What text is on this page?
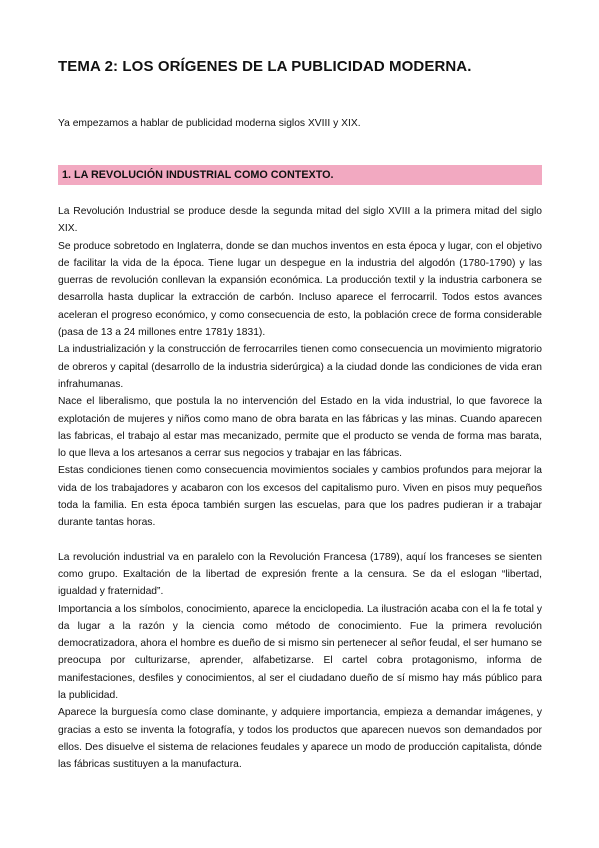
TEMA 2: LOS ORÍGENES DE LA PUBLICIDAD MODERNA.

Ya empezamos a hablar de publicidad moderna siglos XVIII y XIX.

1. LA REVOLUCIÓN INDUSTRIAL COMO CONTEXTO.

La Revolución Industrial se produce desde la segunda mitad del siglo XVIII a la primera mitad del siglo XIX.

Se produce sobretodo en Inglaterra, donde se dan muchos inventos en esta época y lugar, con el objetivo de facilitar la vida de la época. Tiene lugar un despegue en la industria del algodón (1780-1790) y las guerras de revolución conllevan la expansión económica. La producción textil y la industria carbonera se desarrolla hasta duplicar la extracción de carbón. Incluso aparece el ferrocarril. Todos estos avances aceleran el progreso económico, y como consecuencia de esto, la población crece de forma considerable (pasa de 13 a 24 millones entre 1781y 1831).

La industrialización y la construcción de ferrocarriles tienen como consecuencia un movimiento migratorio de obreros y capital (desarrollo de la industria siderúrgica) a la ciudad donde las condiciones de vida eran infrahumanas.

Nace el liberalismo, que postula la no intervención del Estado en la vida industrial, lo que favorece la explotación de mujeres y niños como mano de obra barata en las fábricas y las minas. Cuando aparecen las fabricas, el trabajo al estar mas mecanizado, permite que el producto se venda de forma mas barata, lo que lleva a los artesanos a cerrar sus negocios y trabajar en las fábricas.

Estas condiciones tienen como consecuencia movimientos sociales y cambios profundos para mejorar la vida de los trabajadores y acabaron con los excesos del capitalismo puro. Viven en pisos muy pequeños toda la familia. En esta época también surgen las escuelas, para que los padres pudieran ir a trabajar durante tantas horas.

La revolución industrial va en paralelo con la Revolución Francesa (1789), aquí los franceses se sienten como grupo. Exaltación de la libertad de expresión frente a la censura. Se da el eslogan “libertad, igualdad y fraternidad”.

Importancia a los símbolos, conocimiento, aparece la enciclopedia. La ilustración acaba con el la fe total y da lugar a la razón y la ciencia como método de conocimiento. Fue la primera revolución democratizadora, ahora el hombre es dueño de si mismo sin pertenecer al señor feudal, el ser humano se preocupa por culturizarse, aprender, alfabetizarse. El cartel cobra protagonismo, informa de manifestaciones, desfiles y conocimientos, al ser el ciudadano dueño de sí mismo hay más público para la publicidad.

Aparece la burguesía como clase dominante, y adquiere importancia, empieza a demandar imágenes, y gracias a esto se inventa la fotografía, y todos los productos que aparecen nuevos son demandados por ellos. Des disuelve el sistema de relaciones feudales y aparece un modo de producción capitalista, dónde las fábricas sustituyen a la manufactura.
